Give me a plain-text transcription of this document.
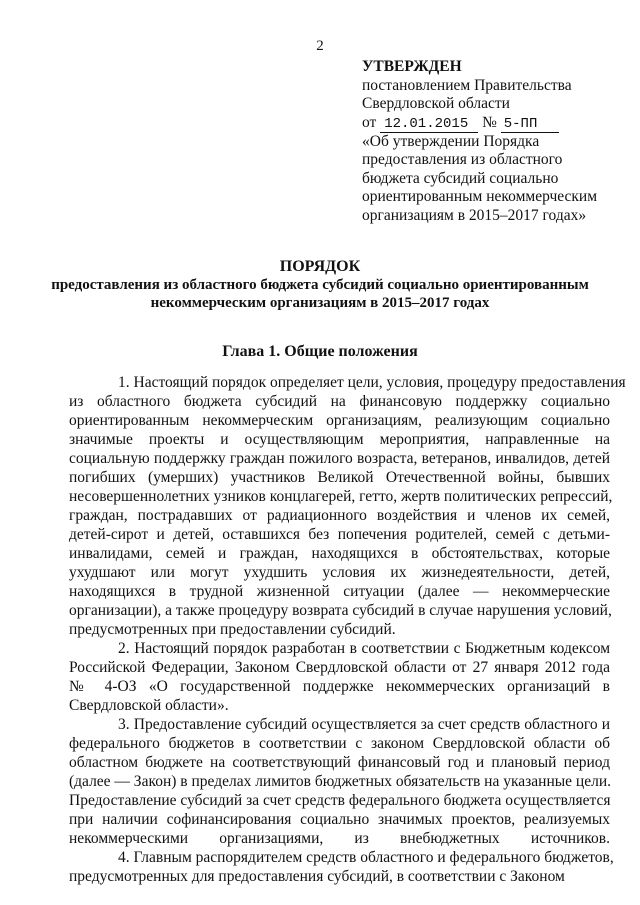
2
УТВЕРЖДЕН
постановлением Правительства
Свердловской области
от 12.01.2015 № 5-ПП
«Об утверждении Порядка
предоставления из областного
бюджета субсидий социально
ориентированным некоммерческим
организациям в 2015–2017 годах»
ПОРЯДОК
предоставления из областного бюджета субсидий социально ориентированным
некоммерческим организациям в 2015–2017 годах
Глава 1. Общие положения
1. Настоящий порядок определяет цели, условия, процедуру предоставления
из областного бюджета субсидий на финансовую поддержку социально
ориентированным некоммерческим организациям, реализующим социально
значимые проекты и осуществляющим мероприятия, направленные на
социальную поддержку граждан пожилого возраста, ветеранов, инвалидов, детей
погибших (умерших) участников Великой Отечественной войны, бывших
несовершеннолетних узников концлагерей, гетто, жертв политических репрессий,
граждан, пострадавших от радиационного воздействия и членов их семей,
детей-сирот и детей, оставшихся без попечения родителей, семей с детьми-
инвалидами, семей и граждан, находящихся в обстоятельствах, которые
ухудшают или могут ухудшить условия их жизнедеятельности, детей,
находящихся в трудной жизненной ситуации (далее — некоммерческие
организации), а также процедуру возврата субсидий в случае нарушения условий,
предусмотренных при предоставлении субсидий.
2. Настоящий порядок разработан в соответствии с Бюджетным кодексом
Российской Федерации, Законом Свердловской области от 27 января 2012 года
№ 4-ОЗ «О государственной поддержке некоммерческих организаций в
Свердловской области».
3. Предоставление субсидий осуществляется за счет средств областного и
федерального бюджетов в соответствии с законом Свердловской области об
областном бюджете на соответствующий финансовый год и плановый период
(далее — Закон) в пределах лимитов бюджетных обязательств на указанные цели.
Предоставление субсидий за счет средств федерального бюджета осуществляется
при наличии софинансирования социально значимых проектов, реализуемых
некоммерческими организациями, из внебюджетных источников.
4. Главным распорядителем средств областного и федерального бюджетов,
предусмотренных для предоставления субсидий, в соответствии с Законом
